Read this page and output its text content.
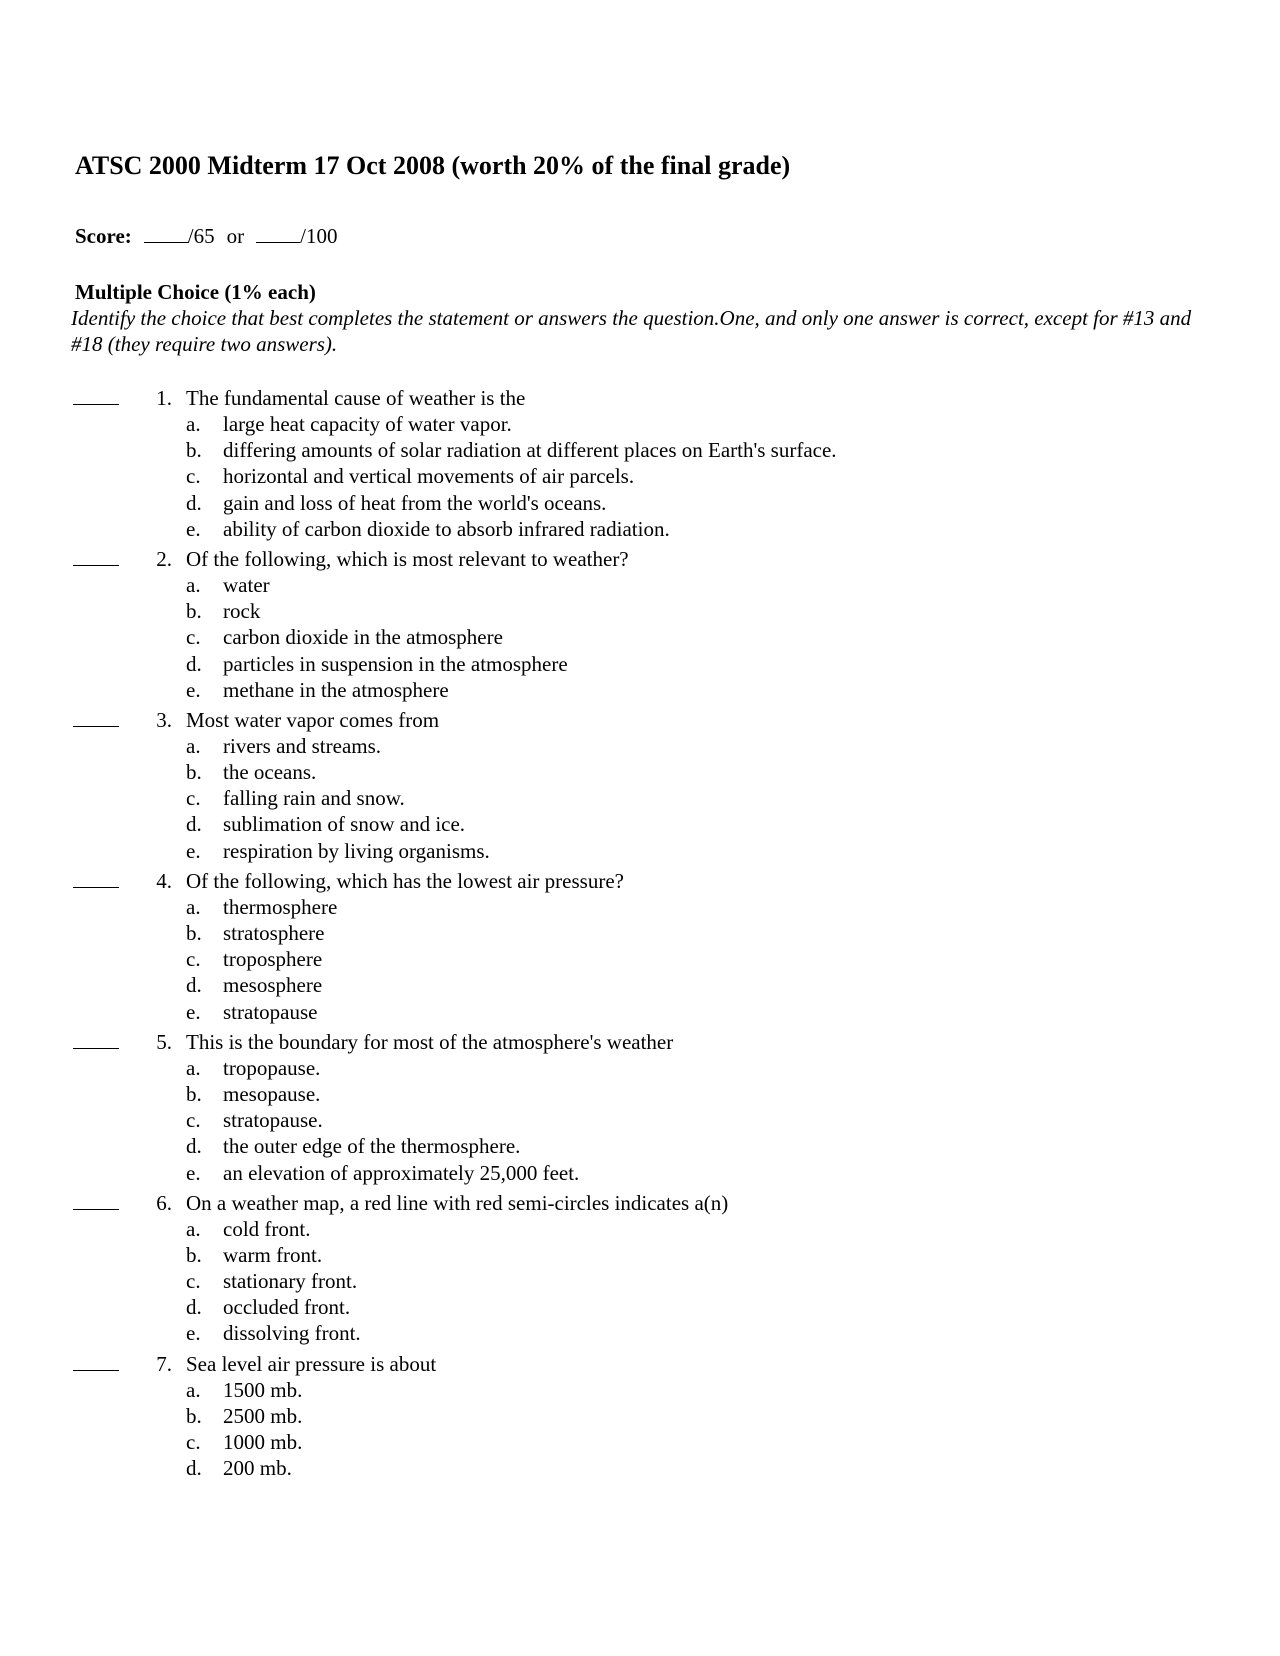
ATSC 2000 Midterm 17 Oct 2008 (worth 20% of the final grade)
Score:	/65 or	/100
Multiple Choice (1% each)
Identify the choice that best completes the statement or answers the question.One, and only one answer is correct, except for #13 and #18 (they require two answers).
1. The fundamental cause of weather is the
a. large heat capacity of water vapor.
b. differing amounts of solar radiation at different places on Earth's surface.
c. horizontal and vertical movements of air parcels.
d. gain and loss of heat from the world's oceans.
e. ability of carbon dioxide to absorb infrared radiation.
2. Of the following, which is most relevant to weather?
a. water
b. rock
c. carbon dioxide in the atmosphere
d. particles in suspension in the atmosphere
e. methane in the atmosphere
3. Most water vapor comes from
a. rivers and streams.
b. the oceans.
c. falling rain and snow.
d. sublimation of snow and ice.
e. respiration by living organisms.
4. Of the following, which has the lowest air pressure?
a. thermosphere
b. stratosphere
c. troposphere
d. mesosphere
e. stratopause
5. This is the boundary for most of the atmosphere's weather
a. tropopause.
b. mesopause.
c. stratopause.
d. the outer edge of the thermosphere.
e. an elevation of approximately 25,000 feet.
6. On a weather map, a red line with red semi-circles indicates a(n)
a. cold front.
b. warm front.
c. stationary front.
d. occluded front.
e. dissolving front.
7. Sea level air pressure is about
a. 1500 mb.
b. 2500 mb.
c. 1000 mb.
d. 200 mb.
